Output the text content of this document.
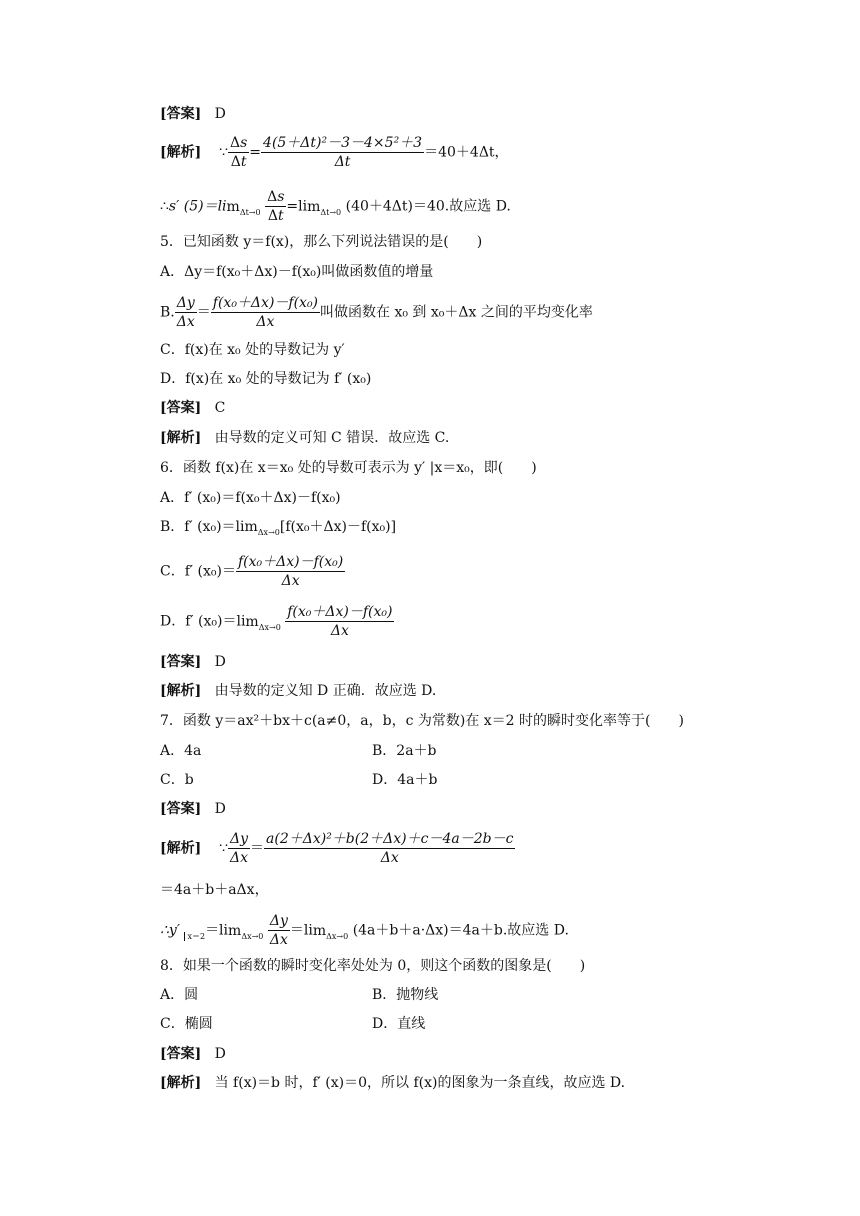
[答案] D
[解析] ∵ $\frac{\Delta s}{\Delta t} = \frac{\text{4(5＋Δt)²－3－4×5²＋3}}{\Delta t} =40+4\Delta t$，
∴s′ $(5)=\lim_{\Delta t\to 0} \frac{\Delta s}{\Delta t} =\lim_{\Delta t\to 0}$ (40＋4Δt)＝40.故应选 D.
5．已知函数 y＝f(x)，那么下列说法错误的是(　　)
A．Δy＝f(x₀＋Δx)－f(x₀)叫做函数值的增量
B. $\frac{\Delta y}{\Delta x} = \frac{\text{f(x₀＋Δx)－f(x₀)}}{\Delta x}$ 叫做函数在 x₀ 到 x₀＋Δx 之间的平均变化率
C．f(x)在 x₀ 处的导数记为 y′
D．f(x)在 x₀ 处的导数记为 f′ (x₀)
[答案] C
[解析] 由导数的定义可知 C 错误．故应选 C.
6．函数 f(x)在 x＝x₀ 处的导数可表示为 y′ |x＝x₀，即(　　)
A．f′ (x₀)＝f(x₀＋Δx)－f(x₀)
B．f′ $(x_0)=\lim_{\Delta x\to 0}[f(x_0+\Delta x)-f(x_0)]$
C．f′ $(x_0)= \frac{\text{f(x₀＋Δx)－f(x₀)}}{\Delta x}$
D．f′ $(x_0)=\lim_{\Delta x\to 0} \frac{\text{f(x₀＋Δx)－f(x₀)}}{\Delta x}$
[答案] D
[解析] 由导数的定义知 D 正确．故应选 D.
7．函数 y＝ax²＋bx＋c(a≠0，a，b，c 为常数)在 x＝2 时的瞬时变化率等于(　　)
A．4a	B．2a＋b
C．b	D．4a＋b
[答案] D
[解析] ∵ $\frac{\Delta y}{\Delta x} = \frac{\text{a(2＋Δx)²＋b(2＋Δx)＋c－4a－2b－c}}{\Delta x}$
＝4a＋b＋aΔx，
∴y′ $_{x=2}=\lim_{\Delta x\to 0} \frac{\Delta y}{\Delta x} =\lim_{\Delta x\to 0}$ (4a＋b＋a·Δx)＝4a＋b.故应选 D.
8．如果一个函数的瞬时变化率处处为 0，则这个函数的图象是(　　)
A．圆	B．抛物线
C．椭圆	D．直线
[答案] D
[解析] 当 f(x)＝b 时，f′ (x)＝0，所以 f(x)的图象为一条直线，故应选 D.
